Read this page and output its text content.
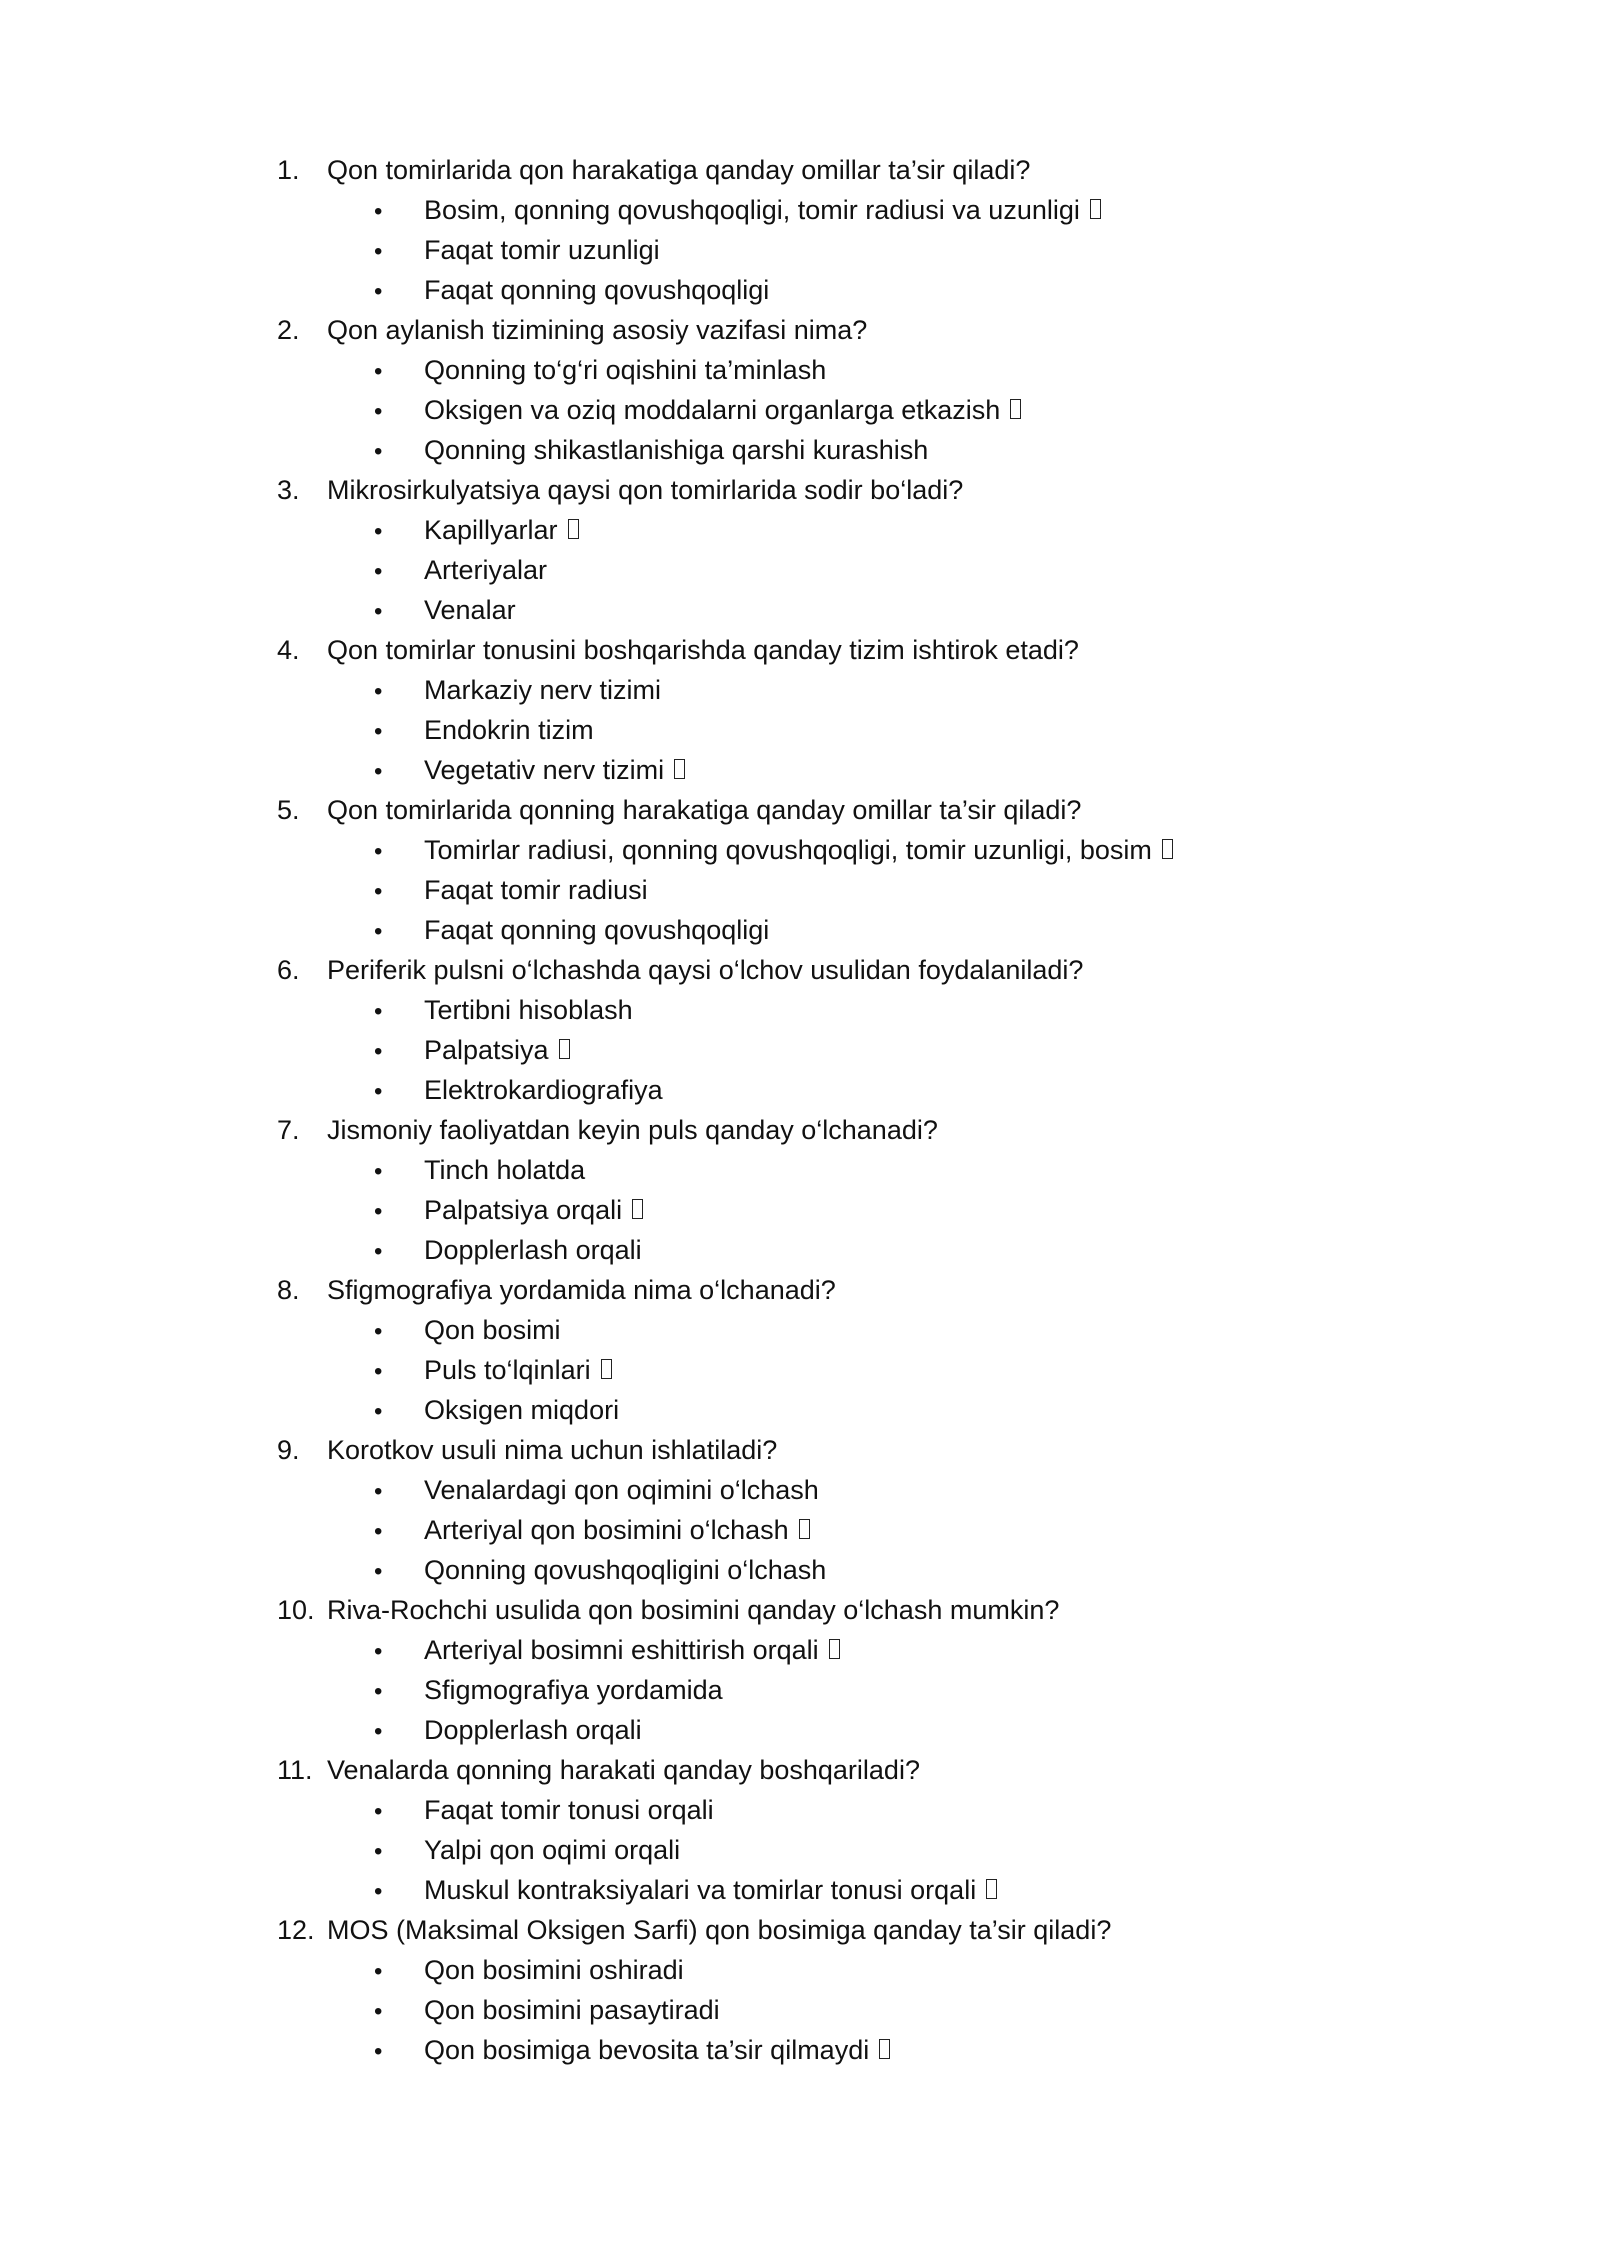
1.	Qon tomirlarida qon harakatiga qanday omillar ta’sir qiladi?
•	Bosim, qonning qovushqoqligi, tomir radiusi va uzunligi
•	Faqat tomir uzunligi
•	Faqat qonning qovushqoqligi
2.	Qon aylanish tizimining asosiy vazifasi nima?
•	Qonning to‘g‘ri oqishini ta’minlash
•	Oksigen va oziq moddalarni organlarga etkazish
•	Qonning shikastlanishiga qarshi kurashish
3.	Mikrosirkulyatsiya qaysi qon tomirlarida sodir bo‘ladi?
•	Kapillyarlar
•	Arteriyalar
•	Venalar
4.	Qon tomirlar tonusini boshqarishda qanday tizim ishtirok etadi?
•	Markaziy nerv tizimi
•	Endokrin tizim
•	Vegetativ nerv tizimi
5.	Qon tomirlarida qonning harakatiga qanday omillar ta’sir qiladi?
•	Tomirlar radiusi, qonning qovushqoqligi, tomir uzunligi, bosim
•	Faqat tomir radiusi
•	Faqat qonning qovushqoqligi
6.	Periferik pulsni o‘lchashda qaysi o‘lchov usulidan foydalaniladi?
•	Tertibni hisoblash
•	Palpatsiya
•	Elektrokardiografiya
7.	Jismoniy faoliyatdan keyin puls qanday o‘lchanadi?
•	Tinch holatda
•	Palpatsiya orqali
•	Dopplerlash orqali
8.	Sfigmografiya yordamida nima o‘lchanadi?
•	Qon bosimi
•	Puls to‘lqinlari
•	Oksigen miqdori
9.	Korotkov usuli nima uchun ishlatiladi?
•	Venalardagi qon oqimini o‘lchash
•	Arteriyal qon bosimini o‘lchash
•	Qonning qovushqoqligini o‘lchash
10. Riva-Rochchi usulida qon bosimini qanday o‘lchash mumkin?
•	Arteriyal bosimni eshittirish orqali
•	Sfigmografiya yordamida
•	Dopplerlash orqali
11. Venalarda qonning harakati qanday boshqariladi?
•	Faqat tomir tonusi orqali
•	Yalpi qon oqimi orqali
•	Muskul kontraksiyalari va tomirlar tonusi orqali
12. MOS (Maksimal Oksigen Sarfi) qon bosimiga qanday ta’sir qiladi?
•	Qon bosimini oshiradi
•	Qon bosimini pasaytiradi
•	Qon bosimiga bevosita ta’sir qilmaydi
